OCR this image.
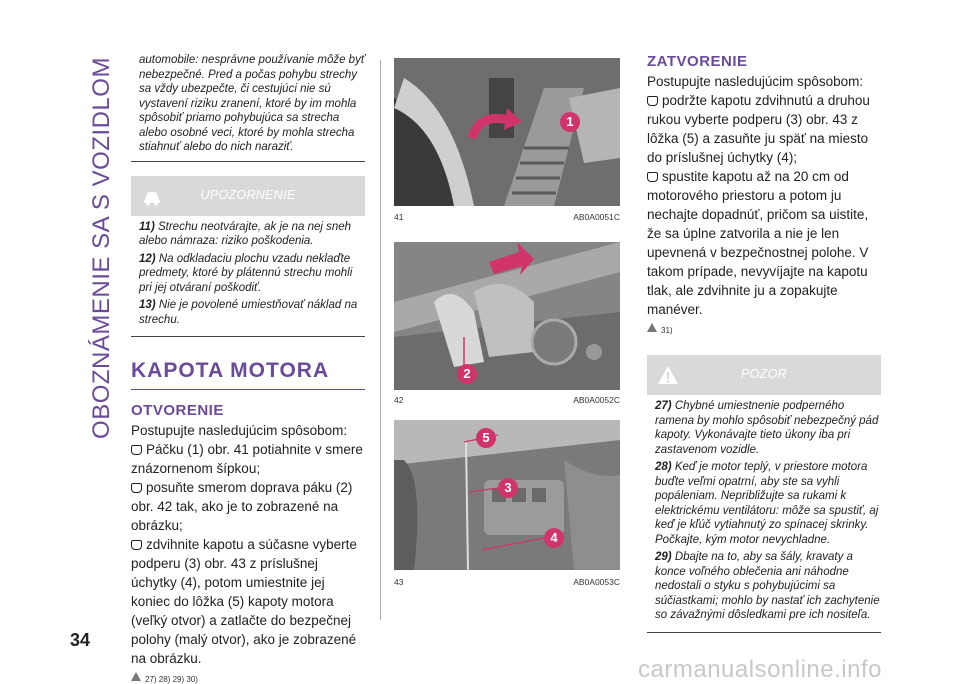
OBOZNÁMENIE SA S VOZIDLOM
34
automobile: nesprávne používanie môže byť nebezpečné. Pred a počas pohybu strechy sa vždy ubezpečte, či cestujúci nie sú vystavení riziku zranení, ktoré by im mohla spôsobiť priamo pohybujúca sa strecha alebo osobné veci, ktoré by mohla strecha stiahnuť alebo do nich naraziť.
UPOZORNENIE
11) Strechu neotvárajte, ak je na nej sneh alebo námraza: riziko poškodenia.
12) Na odkladaciu plochu vzadu neklaďte predmety, ktoré by plátennú strechu mohli pri jej otváraní poškodiť.
13) Nie je povolené umiestňovať náklad na strechu.
KAPOTA MOTORA
OTVORENIE
Postupujte nasledujúcim spôsobom:
Páčku (1) obr. 41 potiahnite v smere znázornenom šípkou;
posuňte smerom doprava páku (2) obr. 42 tak, ako je to zobrazené na obrázku;
zdvihnite kapotu a súčasne vyberte podperu (3) obr. 43 z príslušnej úchytky (4), potom umiestnite jej koniec do lôžka (5) kapoty motora (veľký otvor) a zatlačte do bezpečnej polohy (malý otvor), ako je zobrazené na obrázku.
27) 28) 29) 30)
1
41	AB0A0051C
2
42	AB0A0052C
5
3
4
43	AB0A0053C
ZATVORENIE
Postupujte nasledujúcim spôsobom:
podržte kapotu zdvihnutú a druhou rukou vyberte podperu (3) obr. 43 z lôžka (5) a zasuňte ju späť na miesto do príslušnej úchytky (4);
spustite kapotu až na 20 cm od motorového priestoru a potom ju nechajte dopadnúť, pričom sa uistite, že sa úplne zatvorila a nie je len upevnená v bezpečnostnej polohe. V takom prípade, nevyvíjajte na kapotu tlak, ale zdvihnite ju a zopakujte manéver.
31)
POZOR
27) Chybné umiestnenie podperného ramena by mohlo spôsobiť nebezpečný pád kapoty. Vykonávajte tieto úkony iba pri zastavenom vozidle.
28) Keď je motor teplý, v priestore motora buďte veľmi opatrní, aby ste sa vyhli popáleniam. Nepribližujte sa rukami k elektrickému ventilátoru: môže sa spustiť, aj keď je kľúč vytiahnutý zo spínacej skrinky. Počkajte, kým motor nevychladne.
29) Dbajte na to, aby sa šály, kravaty a konce voľného oblečenia ani náhodne nedostali o styku s pohybujúcimi sa súčiastkami; mohlo by nastať ich zachytenie so závažnými dôsledkami pre ich nositeľa.
carmanualsonline.info
